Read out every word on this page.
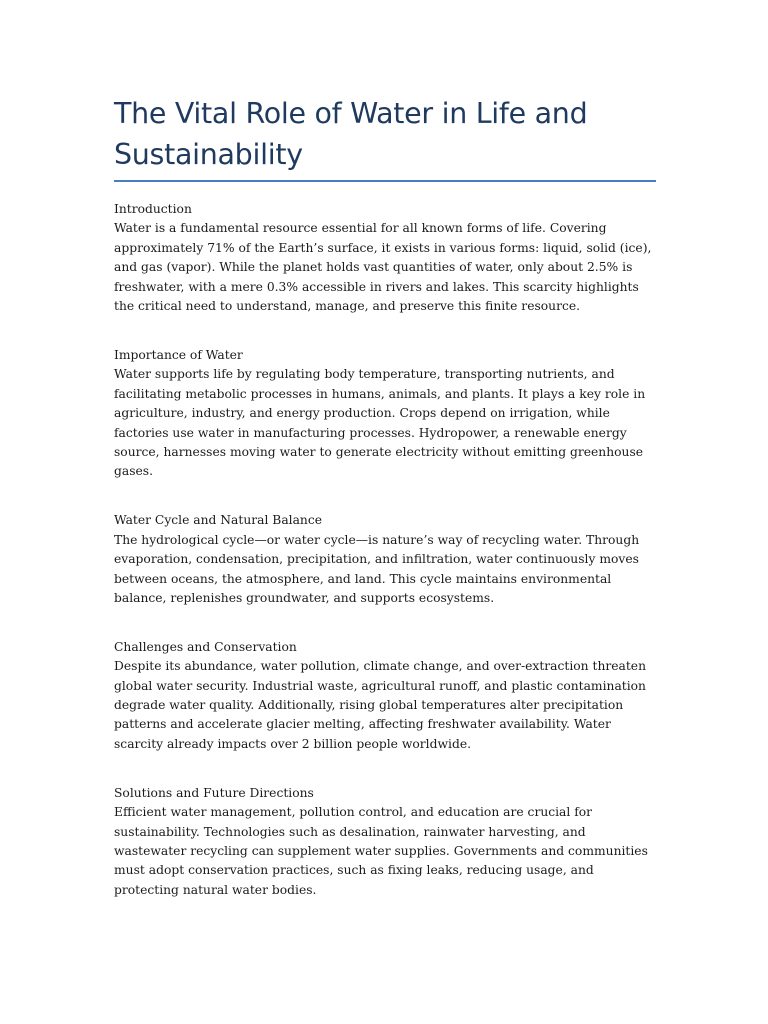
The Vital Role of Water in Life and Sustainability
Introduction

Water is a fundamental resource essential for all known forms of life. Covering approximately 71% of the Earth’s surface, it exists in various forms: liquid, solid (ice), and gas (vapor). While the planet holds vast quantities of water, only about 2.5% is freshwater, with a mere 0.3% accessible in rivers and lakes. This scarcity highlights the critical need to understand, manage, and preserve this finite resource.

Importance of Water

Water supports life by regulating body temperature, transporting nutrients, and facilitating metabolic processes in humans, animals, and plants. It plays a key role in agriculture, industry, and energy production. Crops depend on irrigation, while factories use water in manufacturing processes. Hydropower, a renewable energy source, harnesses moving water to generate electricity without emitting greenhouse gases.

Water Cycle and Natural Balance

The hydrological cycle—or water cycle—is nature’s way of recycling water. Through evaporation, condensation, precipitation, and infiltration, water continuously moves between oceans, the atmosphere, and land. This cycle maintains environmental balance, replenishes groundwater, and supports ecosystems.

Challenges and Conservation

Despite its abundance, water pollution, climate change, and over-extraction threaten global water security. Industrial waste, agricultural runoff, and plastic contamination degrade water quality. Additionally, rising global temperatures alter precipitation patterns and accelerate glacier melting, affecting freshwater availability. Water scarcity already impacts over 2 billion people worldwide.

Solutions and Future Directions

Efficient water management, pollution control, and education are crucial for sustainability. Technologies such as desalination, rainwater harvesting, and wastewater recycling can supplement water supplies. Governments and communities must adopt conservation practices, such as fixing leaks, reducing usage, and protecting natural water bodies.
